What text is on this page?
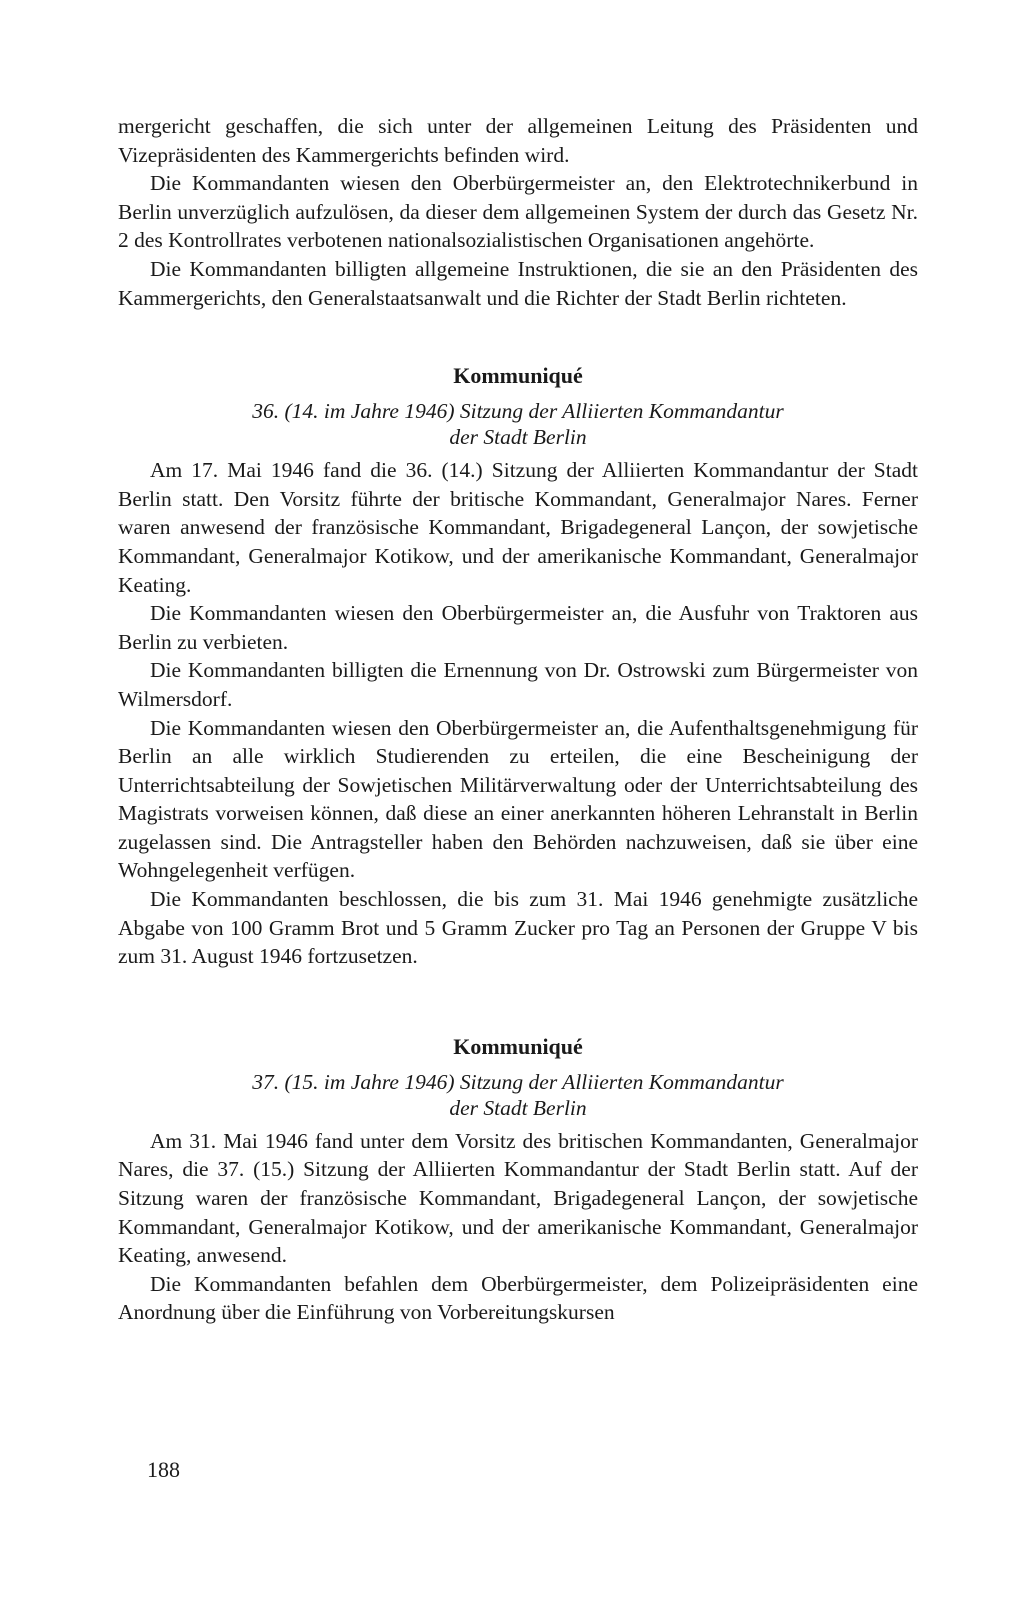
mergericht geschaffen, die sich unter der allgemeinen Leitung des Präsidenten und Vizepräsidenten des Kammergerichts befinden wird.

Die Kommandanten wiesen den Oberbürgermeister an, den Elektrotechnikerbund in Berlin unverzüglich aufzulösen, da dieser dem allgemeinen System der durch das Gesetz Nr. 2 des Kontrollrates verbotenen nationalsozialistischen Organisationen angehörte.

Die Kommandanten billigten allgemeine Instruktionen, die sie an den Präsidenten des Kammergerichts, den Generalstaatsanwalt und die Richter der Stadt Berlin richteten.

Kommuniqué
36. (14. im Jahre 1946) Sitzung der Alliierten Kommandantur
der Stadt Berlin

Am 17. Mai 1946 fand die 36. (14.) Sitzung der Alliierten Kommandantur der Stadt Berlin statt. Den Vorsitz führte der britische Kommandant, Generalmajor Nares. Ferner waren anwesend der französische Kommandant, Brigadegeneral Lançon, der sowjetische Kommandant, Generalmajor Kotikow, und der amerikanische Kommandant, Generalmajor Keating.

Die Kommandanten wiesen den Oberbürgermeister an, die Ausfuhr von Traktoren aus Berlin zu verbieten.

Die Kommandanten billigten die Ernennung von Dr. Ostrowski zum Bürgermeister von Wilmersdorf.

Die Kommandanten wiesen den Oberbürgermeister an, die Aufenthaltsgenehmigung für Berlin an alle wirklich Studierenden zu erteilen, die eine Bescheinigung der Unterrichtsabteilung der Sowjetischen Militärverwaltung oder der Unterrichtsabteilung des Magistrats vorweisen können, daß diese an einer anerkannten höheren Lehranstalt in Berlin zugelassen sind. Die Antragsteller haben den Behörden nachzuweisen, daß sie über eine Wohngelegenheit verfügen.

Die Kommandanten beschlossen, die bis zum 31. Mai 1946 genehmigte zusätzliche Abgabe von 100 Gramm Brot und 5 Gramm Zucker pro Tag an Personen der Gruppe V bis zum 31. August 1946 fortzusetzen.

Kommuniqué
37. (15. im Jahre 1946) Sitzung der Alliierten Kommandantur
der Stadt Berlin

Am 31. Mai 1946 fand unter dem Vorsitz des britischen Kommandanten, Generalmajor Nares, die 37. (15.) Sitzung der Alliierten Kommandantur der Stadt Berlin statt. Auf der Sitzung waren der französische Kommandant, Brigadegeneral Lançon, der sowjetische Kommandant, Generalmajor Kotikow, und der amerikanische Kommandant, Generalmajor Keating, anwesend.

Die Kommandanten befahlen dem Oberbürgermeister, dem Polizeipräsidenten eine Anordnung über die Einführung von Vorbereitungskursen

188
